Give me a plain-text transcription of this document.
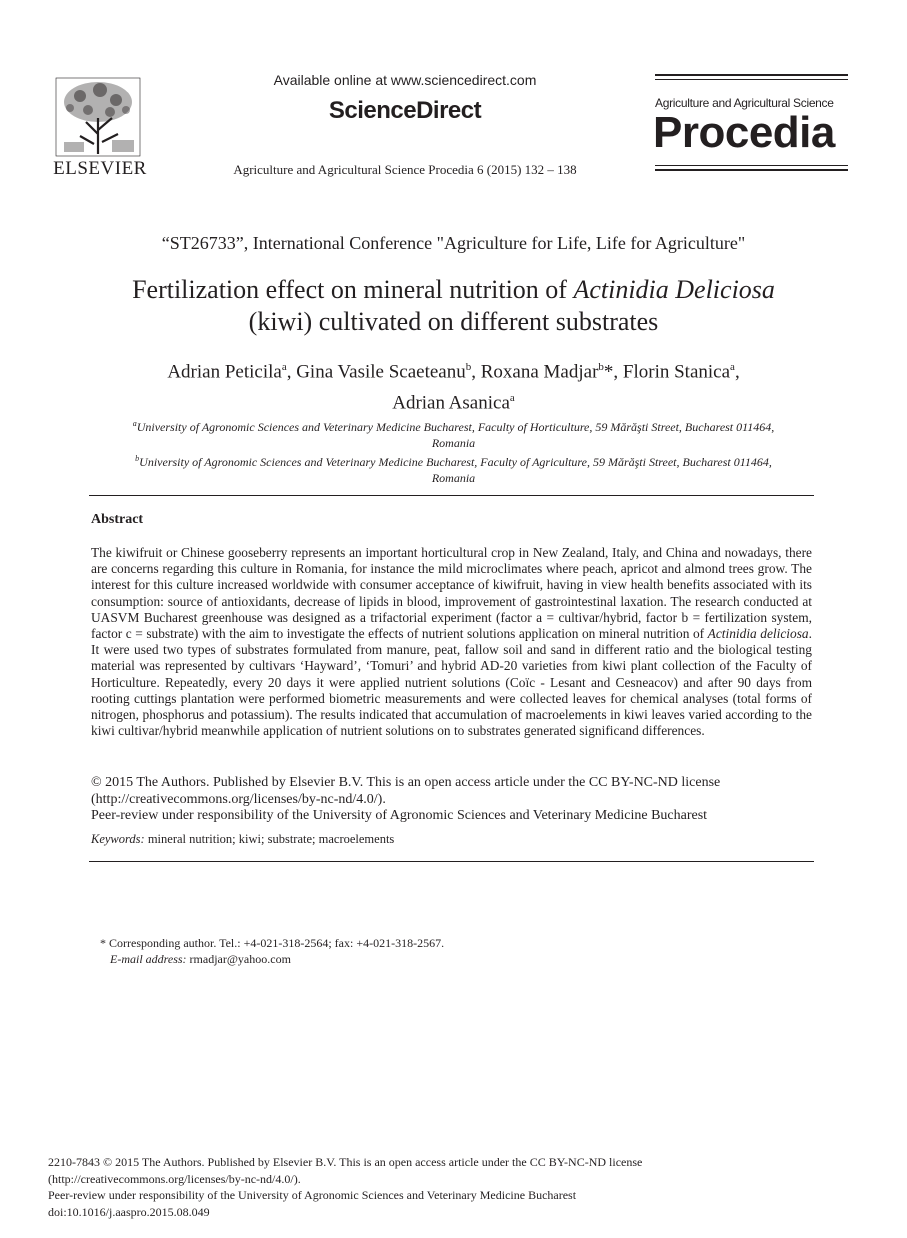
ELSEVIER
Available online at www.sciencedirect.com
ScienceDirect
Agriculture and Agricultural Science Procedia 6 (2015) 132 – 138
Agriculture and Agricultural Science
Procedia
“ST26733”, International Conference "Agriculture for Life, Life for Agriculture"
Fertilization effect on mineral nutrition of Actinidia Deliciosa
(kiwi) cultivated on different substrates
Adrian Peticila$^a$, Gina Vasile Scaeteanu$^b$, Roxana Madjar$^b$*, Florin Stanica$^a$,
Adrian Asanica$^a$
$^a$University of Agronomic Sciences and Veterinary Medicine Bucharest, Faculty of Horticulture, 59 Mărăşti Street, Bucharest 011464,
Romania
$^b$University of Agronomic Sciences and Veterinary Medicine Bucharest, Faculty of Agriculture, 59 Mărăşti Street, Bucharest 011464,
Romania
Abstract
The kiwifruit or Chinese gooseberry represents an important horticultural crop in New Zealand, Italy, and China and nowadays, there are concerns regarding this culture in Romania, for instance the mild microclimates where peach, apricot and almond trees grow. The interest for this culture increased worldwide with consumer acceptance of kiwifruit, having in view health benefits associated with its consumption: source of antioxidants, decrease of lipids in blood, improvement of gastrointestinal laxation. The research conducted at UASVM Bucharest greenhouse was designed as a trifactorial experiment (factor a = cultivar/hybrid, factor b = fertilization system, factor c = substrate) with the aim to investigate the effects of nutrient solutions application on mineral nutrition of Actinidia deliciosa. It were used two types of substrates formulated from manure, peat, fallow soil and sand in different ratio and the biological testing material was represented by cultivars ‘Hayward’, ‘Tomuri’ and hybrid AD-20 varieties from kiwi plant collection of the Faculty of Horticulture. Repeatedly, every 20 days it were applied nutrient solutions (Coïc - Lesant and Cesneacov) and after 90 days from rooting cuttings plantation were performed biometric measurements and were collected leaves for chemical analyses (total forms of nitrogen, phosphorus and potassium). The results indicated that accumulation of macroelements in kiwi leaves varied according to the kiwi cultivar/hybrid meanwhile application of nutrient solutions on to substrates generated significand differences.
© 2015 The Authors. Published by Elsevier B.V. This is an open access article under the CC BY-NC-ND license
(http://creativecommons.org/licenses/by-nc-nd/4.0/).
Peer-review under responsibility of the University of Agronomic Sciences and Veterinary Medicine Bucharest
Keywords: mineral nutrition; kiwi; substrate; macroelements
* Corresponding author. Tel.: +4-021-318-2564; fax: +4-021-318-2567.
E-mail address: rmadjar@yahoo.com
2210-7843 © 2015 The Authors. Published by Elsevier B.V. This is an open access article under the CC BY-NC-ND license
(http://creativecommons.org/licenses/by-nc-nd/4.0/).
Peer-review under responsibility of the University of Agronomic Sciences and Veterinary Medicine Bucharest
doi:10.1016/j.aaspro.2015.08.049
